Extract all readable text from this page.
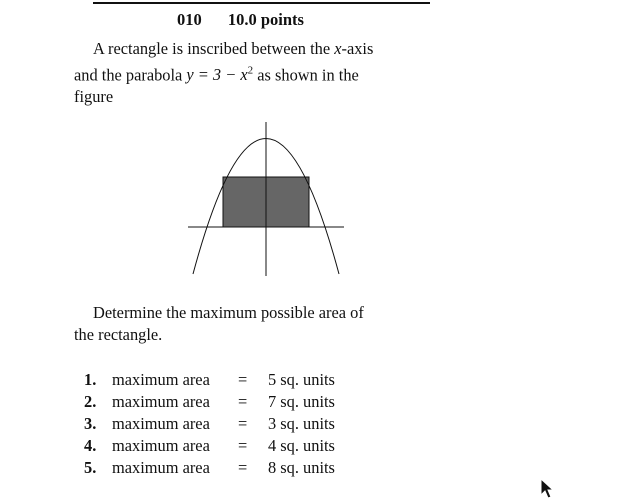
010 10.0 points
A rectangle is inscribed between the x-axis
and the parabola $y = 3 - x^2$ as shown in the
figure
Determine the maximum possible area of
the rectangle.
1. maximum area	=	5 sq. units
2. maximum area	=	7 sq. units
3. maximum area	=	3 sq. units
4. maximum area	=	4 sq. units
5. maximum area	=	8 sq. units
